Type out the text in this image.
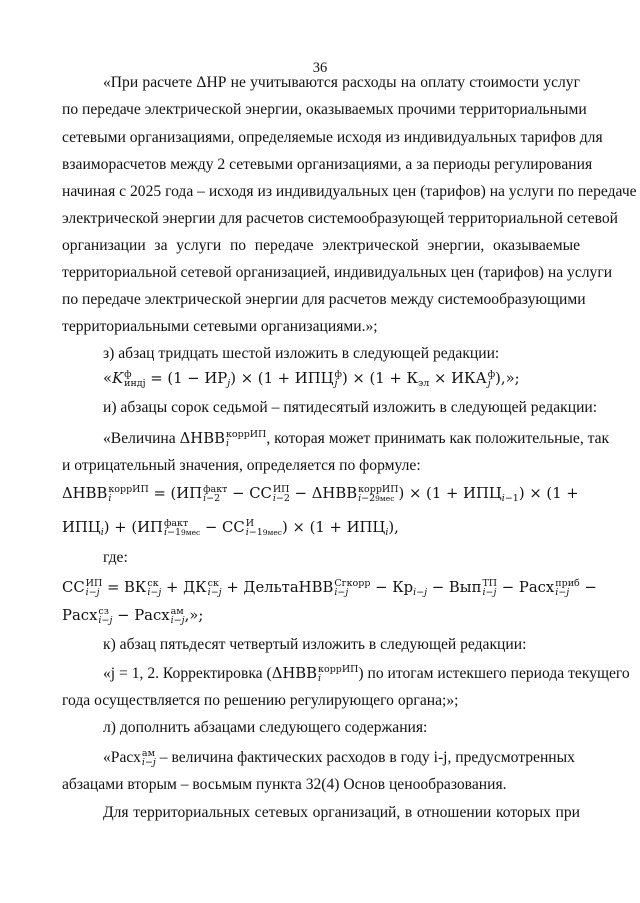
36
«При расчете ΔНР не учитываются расходы на оплату стоимости услуг
по передаче электрической энергии, оказываемых прочими территориальными
сетевыми организациями, определяемые исходя из индивидуальных тарифов для
взаиморасчетов между 2 сетевыми организациями, а за периоды регулирования
начиная с 2025 года – исходя из индивидуальных цен (тарифов) на услуги по передаче
электрической энергии для расчетов системообразующей территориальной сетевой
организации за услуги по передаче электрической энергии, оказываемые
территориальной сетевой организацией, индивидуальных цен (тарифов) на услуги
по передаче электрической энергии для расчетов между системообразующими
территориальными сетевыми организациями.»;
з) абзац тридцать шестой изложить в следующей редакции:
«K ф
индj = $(1 - ИР_j) \times (1$ + ИПЦ ф
j ) × ($1 + К_{эл}$ × ИКА ф
j ),»;
и) абзацы сорок седьмой – пятидесятый изложить в следующей редакции:
«Величина ΔНВВ коррИП
i	, которая может принимать как положительные, так
и отрицательный значения, определяется по формуле:
ΔНВВ коррИП
i	= (ИП факт
i−2 − СС ИП
i−2 − ΔНВВ коррИП
i−29мес ) × $(1 + ИПЦ_{i-1}) \times (1$ +
$ИПЦ_i) + (ИП$ факт
i−19мес − СС И
i−19мес ) × $(1 + ИПЦ_i)$,
где:
СС ИП
i−j = ВК ск
i−j + ДК ск
i−j + ДельтаНВВ Сгкорр
i−j	− $Кр_{i-j}$ − Вып ТП
i−j − Расх приб
i−j −
Расх сз
i−j − Расх ам
i−j ,»;
к) абзац пятьдесят четвертый изложить в следующей редакции:
«j = 1, 2. Корректировка (ΔНВВ коррИП
i	) по итогам истекшего периода текущего
года осуществляется по решению регулирующего органа;»;
л) дополнить абзацами следующего содержания:
«Расх ам
i−j – величина фактических расходов в году i-j, предусмотренных
абзацами вторым – восьмым пункта 32(4) Основ ценообразования.
Для территориальных сетевых организаций, в отношении которых при
